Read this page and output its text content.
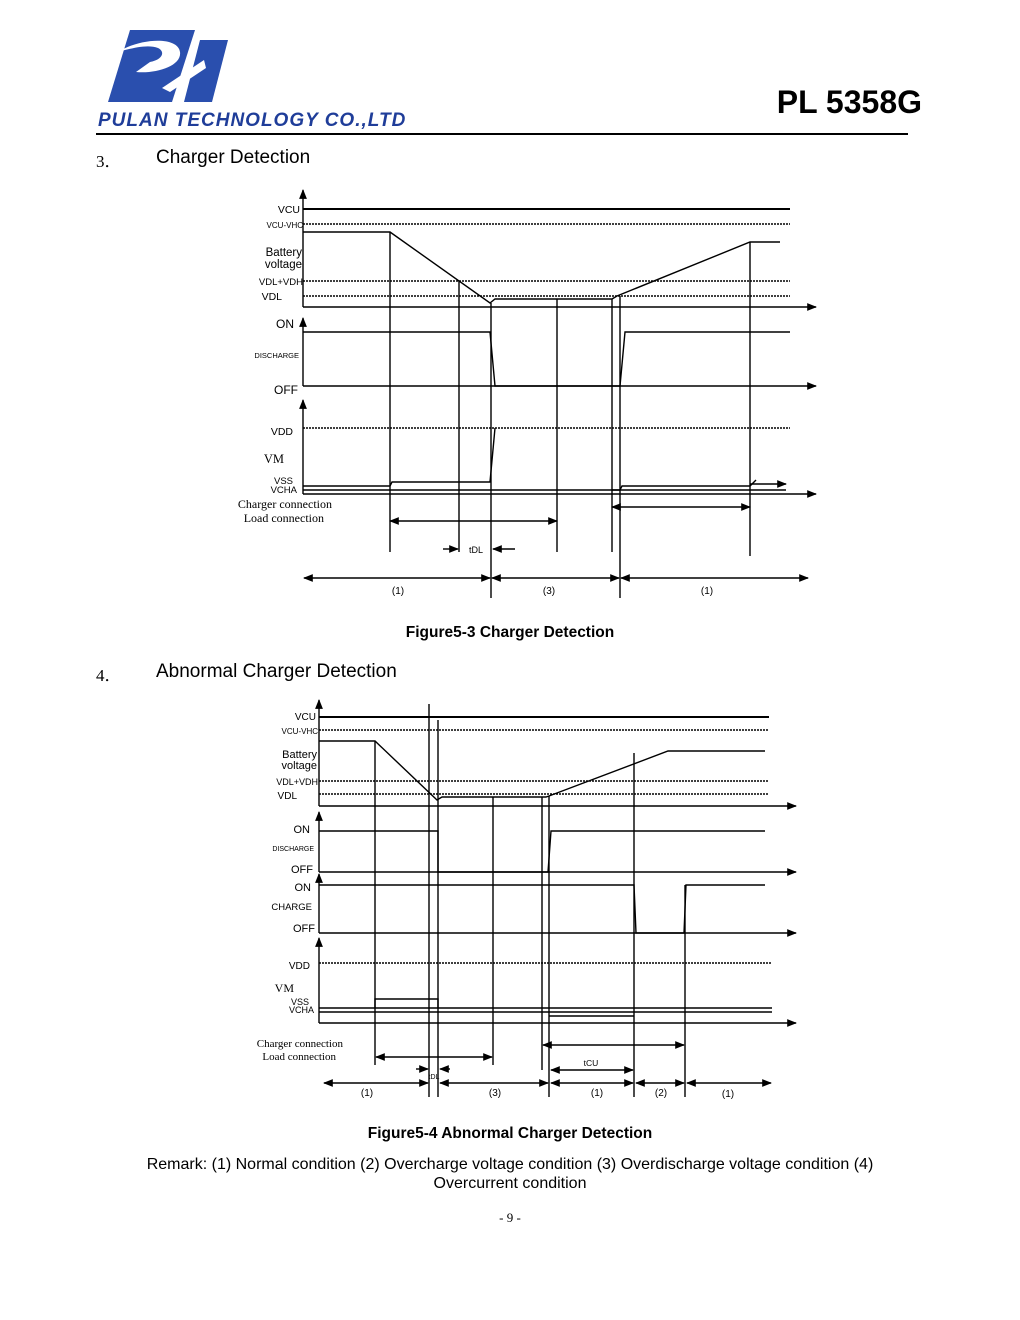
PULAN TECHNOLOGY CO.,LTD
PL 5358G
3． Charger Detection
VCU
VCU-VHC
Battery
voltage
VDL+VDH
VDL
ON
DISCHARGE
OFF
VDD
VM
VSS
VCHA
Charger connection
Load connection
tDL
(1)	(3)	(1)
Figure5-3 Charger Detection
4． Abnormal Charger Detection
VCU
VCU-VHC
Battery
voltage
VDL+VDH
VDL
ON
DISCHARGE
OFF
ON
CHARGE
OFF
VDD
VM
VSS
VCHA
Charger connection
Load connection
tDL
tCU
(1)	(3)	(1)	(2)	(1)
Figure5-4 Abnormal Charger Detection
Remark: (1) Normal condition (2) Overcharge voltage condition (3) Overdischarge voltage condition (4) Overcurrent condition
- 9 -
